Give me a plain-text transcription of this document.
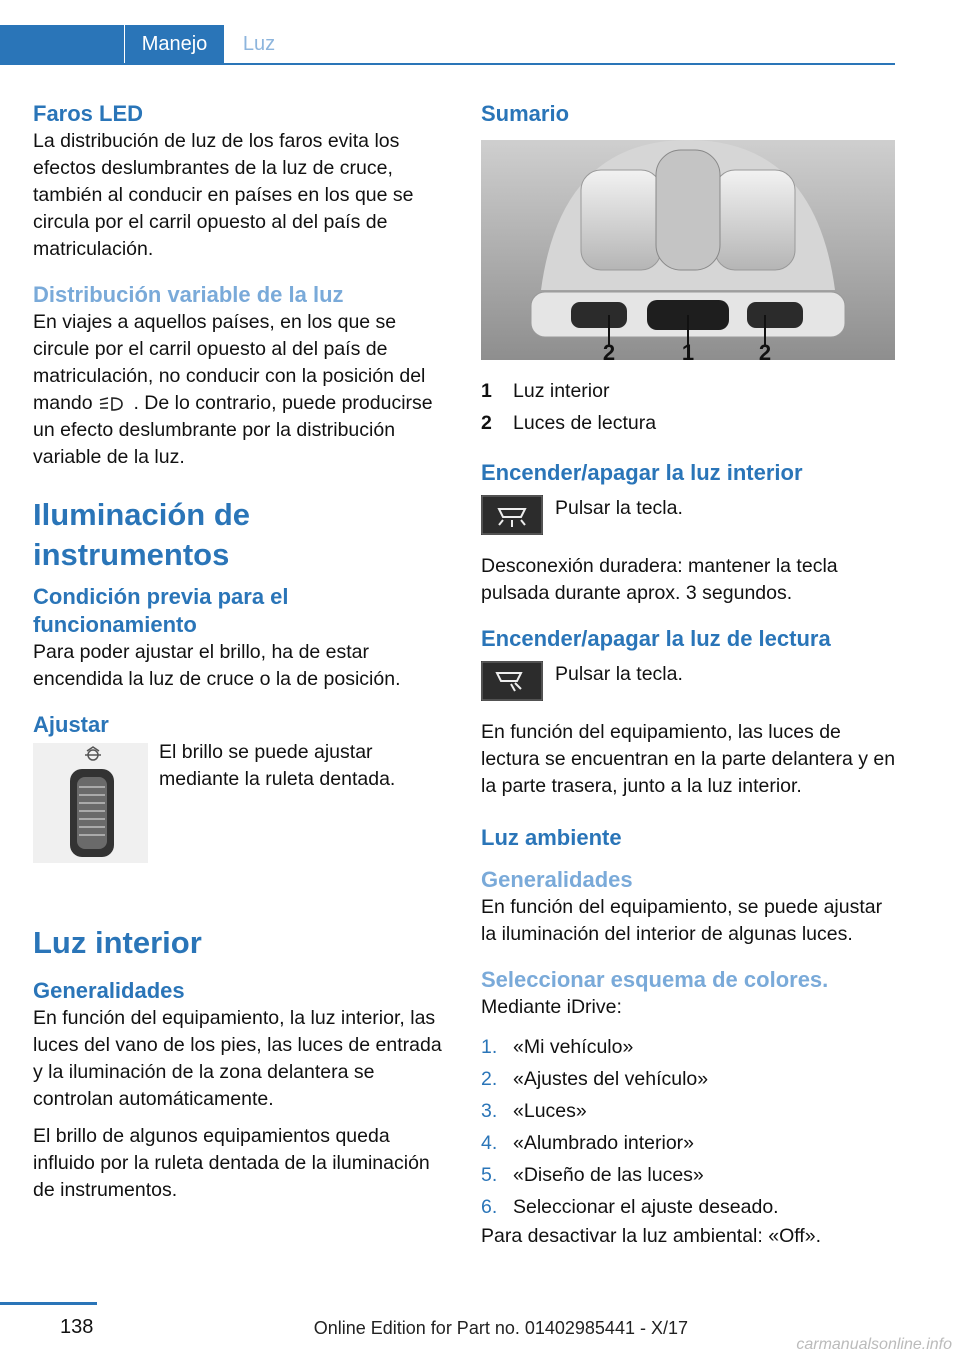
Manejo	Luz
Faros LED

La distribución de luz de los faros evita los efectos deslumbrantes de la luz de cruce, también al conducir en países en los que se circula por el carril opuesto al del país de matriculación.

Distribución variable de la luz

En viajes a aquellos países, en los que se circule por el carril opuesto al del país de matriculación, no conducir con la posición del mando . De lo contrario, puede producirse un efecto deslumbrante por la distribución variable de la luz.

Iluminación de instrumentos
Condición previa para el funcionamiento

Para poder ajustar el brillo, ha de estar encendida la luz de cruce o la de posición.

Ajustar

El brillo se puede ajustar mediante la ruleta dentada.

Luz interior
Generalidades

En función del equipamiento, la luz interior, las luces del vano de los pies, las luces de entrada y la iluminación de la zona delantera se controlan automáticamente.

El brillo de algunos equipamientos queda influido por la ruleta dentada de la iluminación de instrumentos.

Sumario
2	1	2
1	Luz interior
2	Luces de lectura
Encender/apagar la luz interior

Pulsar la tecla.

Desconexión duradera: mantener la tecla pulsada durante aprox. 3 segundos.

Encender/apagar la luz de lectura

Pulsar la tecla.

En función del equipamiento, las luces de lectura se encuentran en la parte delantera y en la parte trasera, junto a la luz interior.

Luz ambiente
Generalidades

En función del equipamiento, se puede ajustar la iluminación del interior de algunas luces.

Seleccionar esquema de colores.

Mediante iDrive:

1. «Mi vehículo»
2. «Ajustes del vehículo»
3. «Luces»
4. «Alumbrado interior»
5. «Diseño de las luces»
6. Seleccionar el ajuste deseado.

Para desactivar la luz ambiental: «Off».

138	Online Edition for Part no. 01402985441 - X/17
carmanualsonline.info
